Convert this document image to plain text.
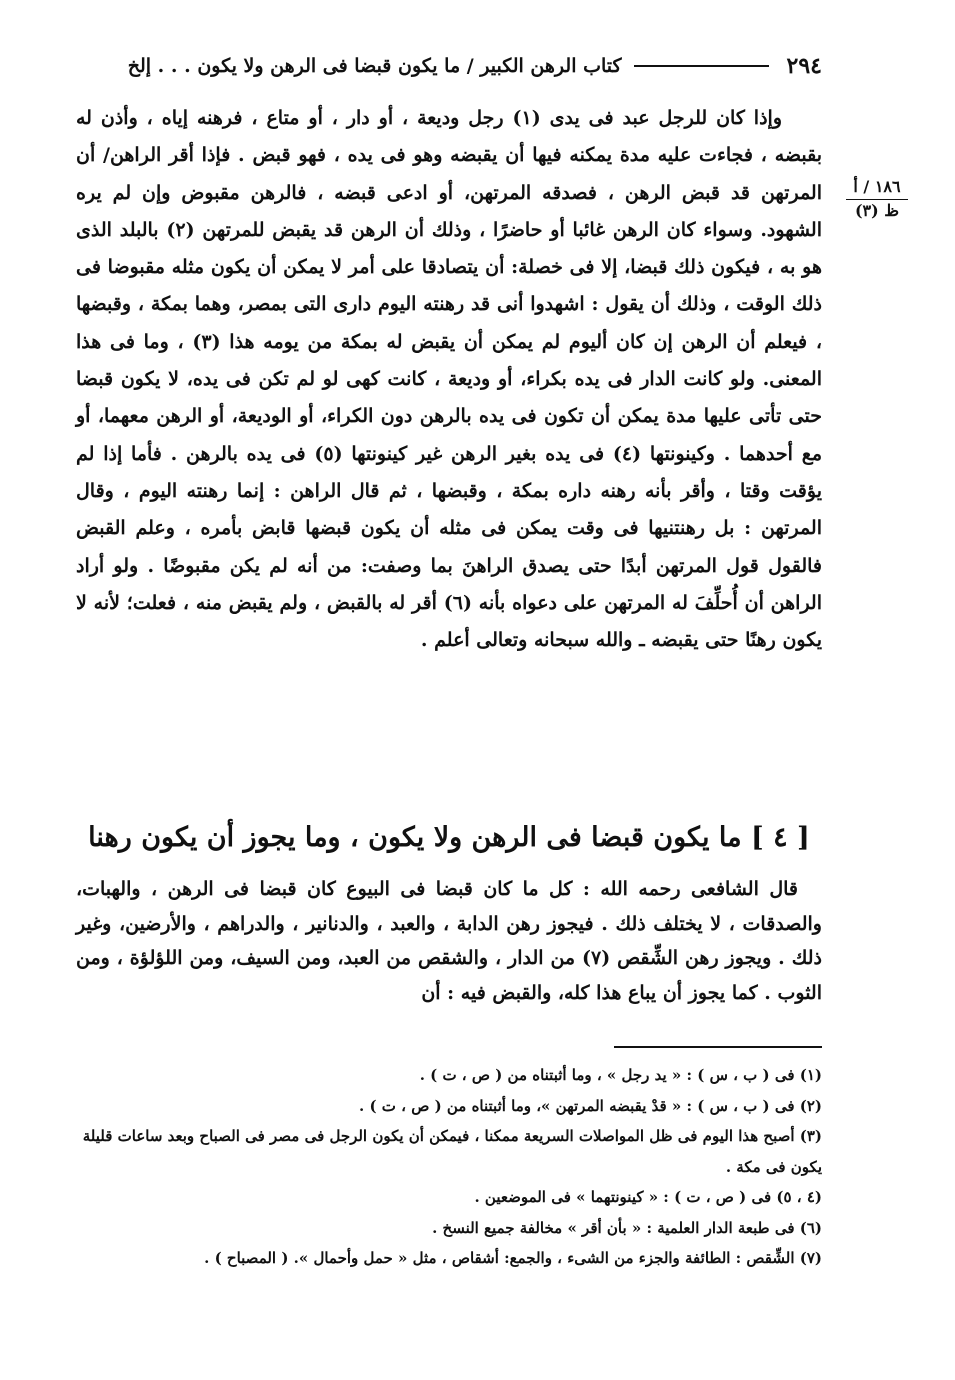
٢٩٤
كتاب الرهن الكبير / ما يكون قبضا فى الرهن ولا يكون . . . إلخ
١٨٦ / أ
ظ (٣)

وإذا كان للرجل عبد فى يدى (١) رجل وديعة ، أو دار ، أو متاع ، فرهنه إياه ، وأذن له بقبضه ، فجاءت عليه مدة يمكنه فيها أن يقبضه وهو فى يده ، فهو قبض . فإذا أقر الراهن/ أن المرتهن قد قبض الرهن ، فصدقه المرتهن، أو ادعى قبضه ، فالرهن مقبوض وإن لم يره الشهود. وسواء كان الرهن غائبا أو حاضرًا ، وذلك أن الرهن قد يقبض للمرتهن (٢) بالبلد الذى هو به ، فيكون ذلك قبضا، إلا فى خصلة: أن يتصادقا على أمر لا يمكن أن يكون مثله مقبوضا فى ذلك الوقت ، وذلك أن يقول : اشهدوا أنى قد رهنته اليوم دارى التى بمصر، وهما بمكة ، وقبضها ، فيعلم أن الرهن إن كان أليوم لم يمكن أن يقبض له بمكة من يومه هذا (٣) ، وما فى هذا المعنى. ولو كانت الدار فى يده بكراء، أو وديعة ، كانت كهى لو لم تكن فى يده، لا يكون قبضا حتى تأتى عليها مدة يمكن أن تكون فى يده بالرهن دون الكراء، أو الوديعة، أو الرهن معهما، أو مع أحدهما . وكينونتها (٤) فى يده بغير الرهن غير كينونتها (٥) فى يده بالرهن . فأما إذا لم يؤقت وقتا ، وأقر بأنه رهنه داره بمكة ، وقبضها ، ثم قال الراهن : إنما رهنته اليوم ، وقال المرتهن : بل رهنتنيها فى وقت يمكن فى مثله أن يكون قبضها قابض بأمره ، وعلم القبض فالقول قول المرتهن أبدًا حتى يصدق الراهنَ بما وصفت: من أنه لم يكن مقبوضًا . ولو أراد الراهن أن أُحلِّفَ له المرتهن على دعواه بأنه (٦) أقر له بالقبض ، ولم يقبض منه ، فعلت؛ لأنه لا يكون رهنًا حتى يقبضه ـ والله سبحانه وتعالى أعلم .

[ ٤ ] ما يكون قبضا فى الرهن ولا يكون ، وما يجوز أن يكون رهنا

قال الشافعى رحمه الله : كل ما كان قبضا فى البيوع كان قبضا فى الرهن ، والهبات، والصدقات ، لا يختلف ذلك . فيجوز رهن الدابة ، والعبد ، والدنانير ، والدراهم ، والأرضين، وغير ذلك . ويجوز رهن الشِّقص (٧) من الدار ، والشقص من العبد، ومن السيف، ومن اللؤلؤة ، ومن الثوب . كما يجوز أن يباع هذا كله، والقبض فيه : أن

(١) فى ( ب ، س ) : « يد رجل » ، وما أثبتناه من ( ص ، ت ) .

(٢) فى ( ب ، س ) : « قدْ يقبضه المرتهن »، وما أثبتناه من ( ص ، ت ) .

(٣) أصبح هذا اليوم فى ظل المواصلات السريعة ممكنا ، فيمكن أن يكون الرجل فى مصر فى الصباح وبعد ساعات قليلة يكون فى مكة .

(٤ ، ٥) فى ( ص ، ت ) : « كينونتهما » فى الموضعين .

(٦) فى طبعة الدار العلمية : « بأن أقر » مخالفة جميع النسخ .

(٧) الشِّقص : الطائفة والجزء من الشىء ، والجمع: أشقاص ، مثل « حمل وأحمال ». ( المصباح ) .
